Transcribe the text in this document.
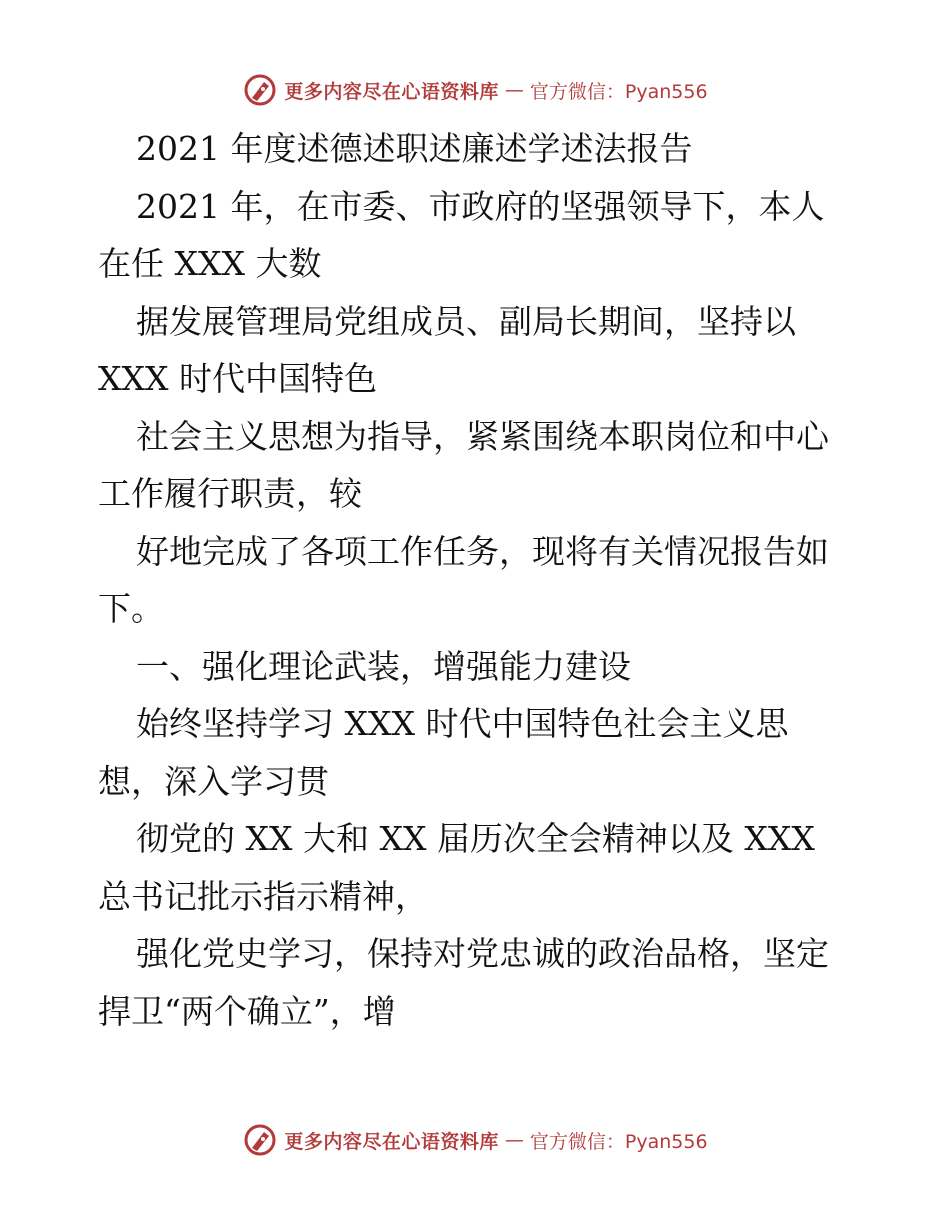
更多内容尽在心语资料库 — 官方微信：Pyan556
2021 年度述德述职述廉述学述法报告
2021 年，在市委、市政府的坚强领导下，本人
在任 XXX 大数
据发展管理局党组成员、副局长期间，坚持以
XXX 时代中国特色
社会主义思想为指导，紧紧围绕本职岗位和中心
工作履行职责，较
好地完成了各项工作任务，现将有关情况报告如
下。
一、强化理论武装，增强能力建设
始终坚持学习 XXX 时代中国特色社会主义思
想，深入学习贯
彻党的 XX 大和 XX 届历次全会精神以及 XXX
总书记批示指示精神，
强化党史学习，保持对党忠诚的政治品格，坚定
捍卫“两个确立”，增
更多内容尽在心语资料库 — 官方微信：Pyan556
